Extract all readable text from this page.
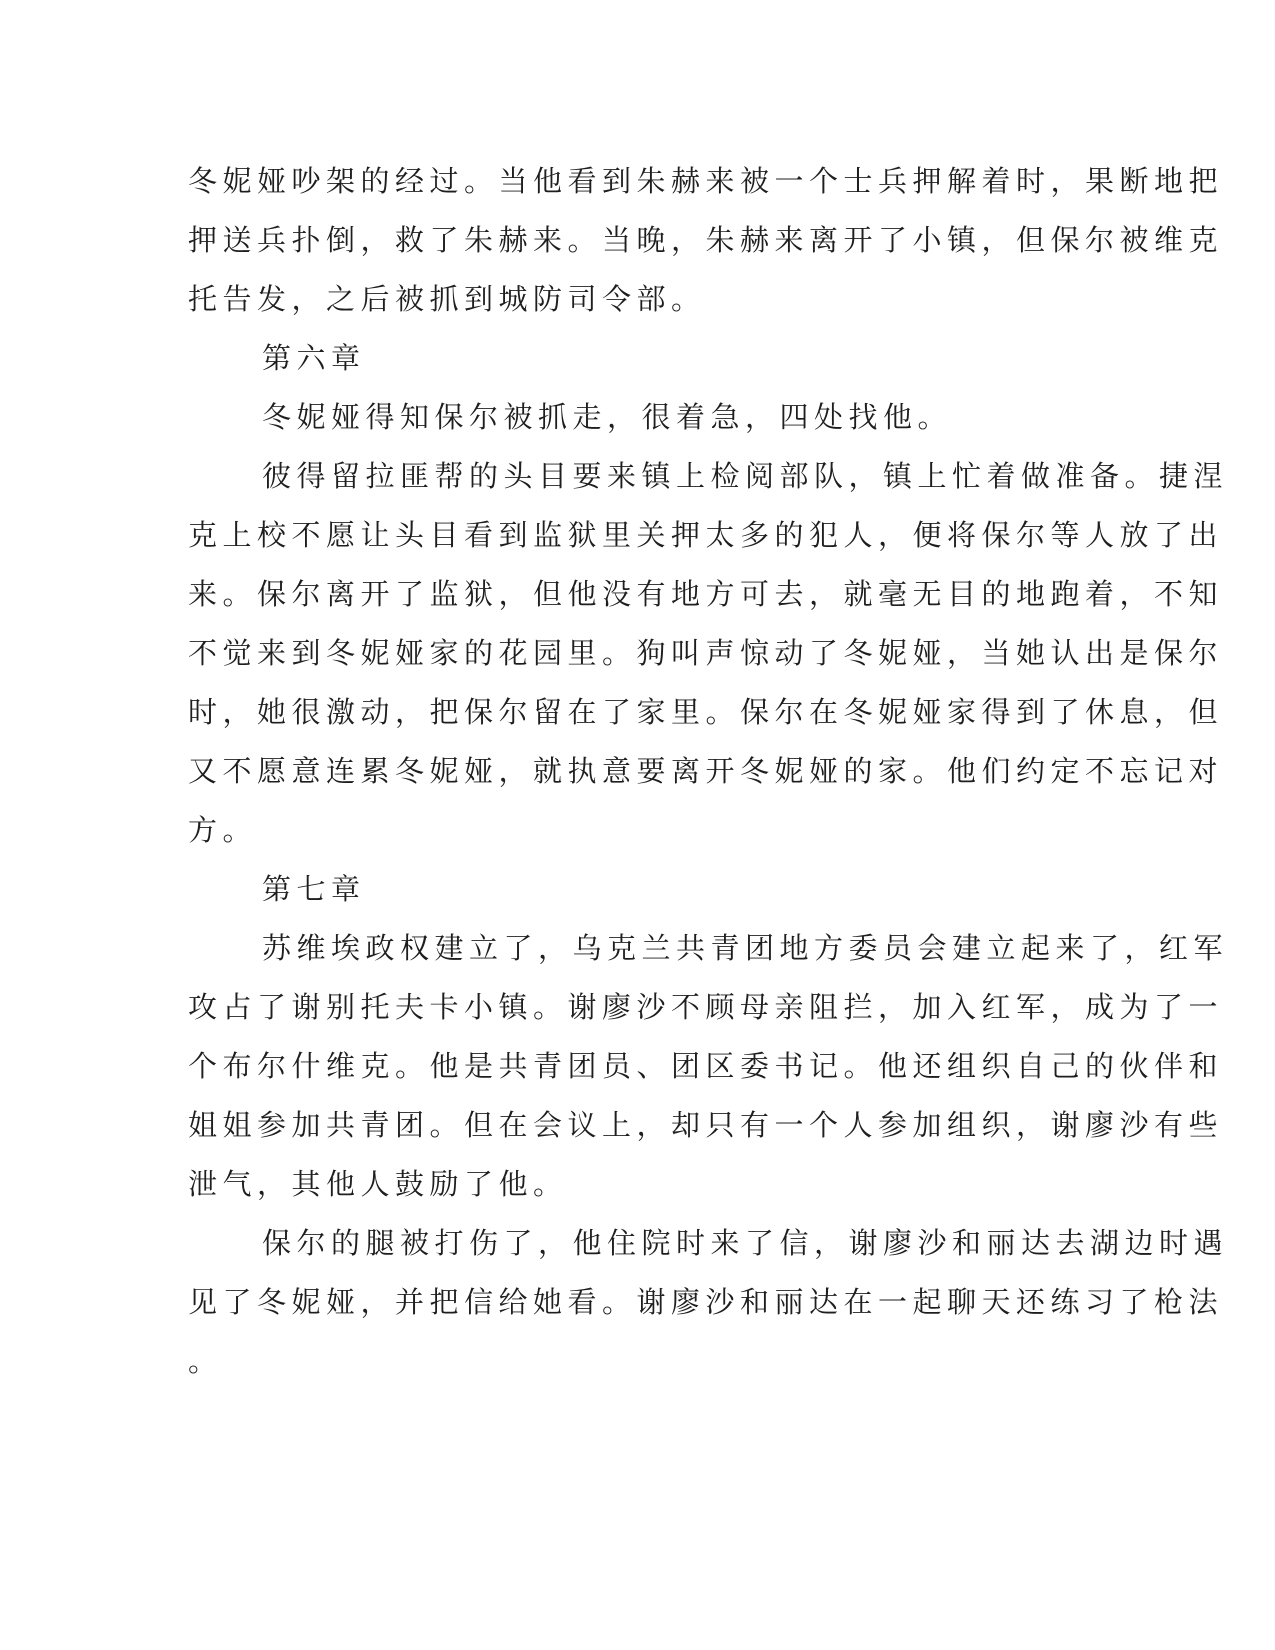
冬妮娅吵架的经过。当他看到朱赫来被一个士兵押解着时，果断地把
押送兵扑倒，救了朱赫来。当晚，朱赫来离开了小镇，但保尔被维克
托告发，之后被抓到城防司令部。
第六章
冬妮娅得知保尔被抓走，很着急，四处找他。
彼得留拉匪帮的头目要来镇上检阅部队，镇上忙着做准备。捷涅
克上校不愿让头目看到监狱里关押太多的犯人，便将保尔等人放了出
来。保尔离开了监狱，但他没有地方可去，就毫无目的地跑着，不知
不觉来到冬妮娅家的花园里。狗叫声惊动了冬妮娅，当她认出是保尔
时，她很激动，把保尔留在了家里。保尔在冬妮娅家得到了休息，但
又不愿意连累冬妮娅，就执意要离开冬妮娅的家。他们约定不忘记对
方。
第七章
苏维埃政权建立了，乌克兰共青团地方委员会建立起来了，红军
攻占了谢别托夫卡小镇。谢廖沙不顾母亲阻拦，加入红军，成为了一
个布尔什维克。他是共青团员、团区委书记。他还组织自己的伙伴和
姐姐参加共青团。但在会议上，却只有一个人参加组织，谢廖沙有些
泄气，其他人鼓励了他。
保尔的腿被打伤了，他住院时来了信，谢廖沙和丽达去湖边时遇
见了冬妮娅，并把信给她看。谢廖沙和丽达在一起聊天还练习了枪法
。
